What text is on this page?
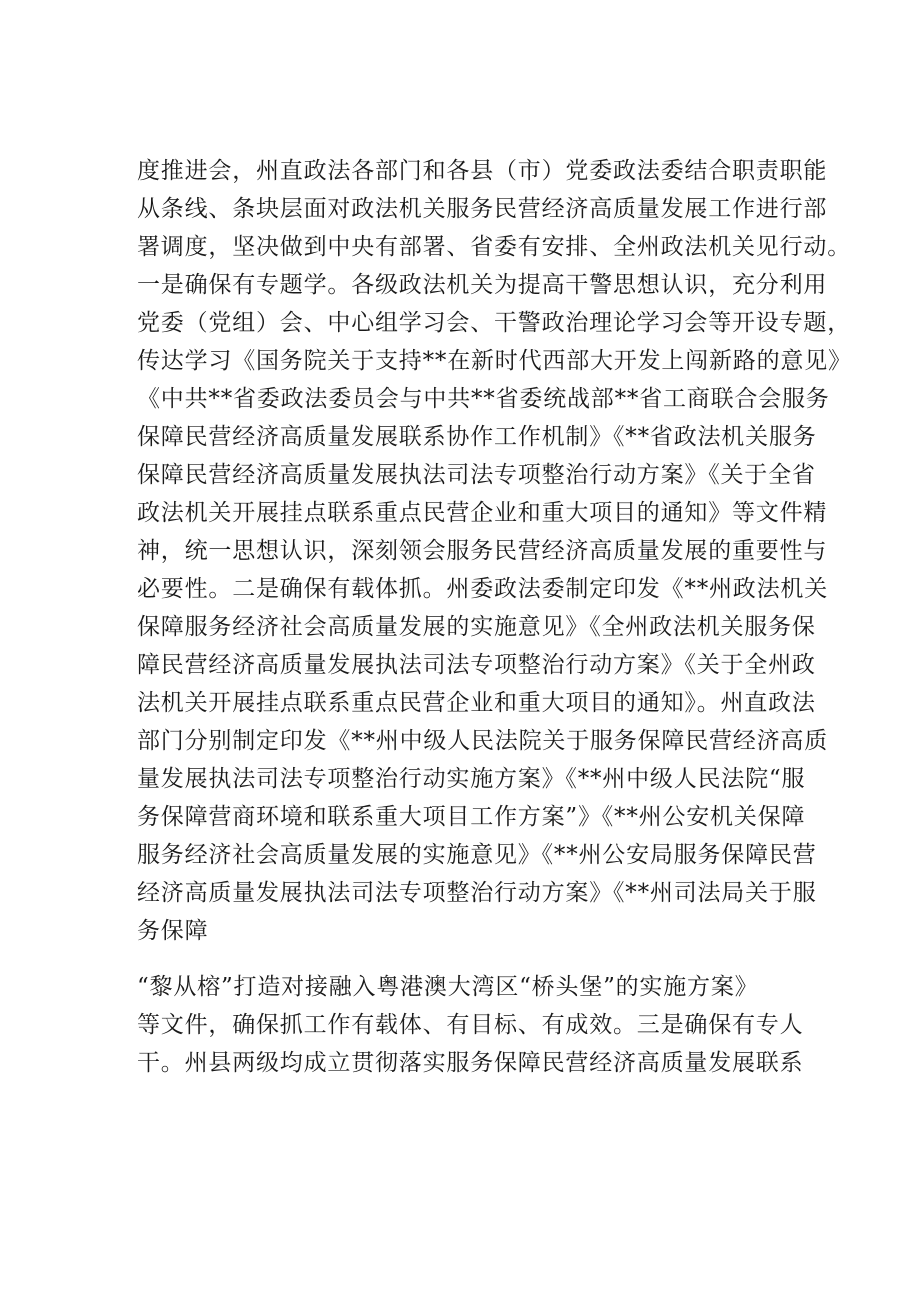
度推进会，州直政法各部门和各县（市）党委政法委结合职责职能

从条线、条块层面对政法机关服务民营经济高质量发展工作进行部

署调度，坚决做到中央有部署、省委有安排、全州政法机关见行动。

一是确保有专题学。各级政法机关为提高干警思想认识，充分利用

党委（党组）会、中心组学习会、干警政治理论学习会等开设专题，

传达学习《国务院关于支持**在新时代西部大开发上闯新路的意见》

《中共**省委政法委员会与中共**省委统战部**省工商联合会服务

保障民营经济高质量发展联系协作工作机制》《**省政法机关服务

保障民营经济高质量发展执法司法专项整治行动方案》《关于全省

政法机关开展挂点联系重点民营企业和重大项目的通知》等文件精

神，统一思想认识，深刻领会服务民营经济高质量发展的重要性与

必要性。二是确保有载体抓。州委政法委制定印发《**州政法机关

保障服务经济社会高质量发展的实施意见》《全州政法机关服务保

障民营经济高质量发展执法司法专项整治行动方案》《关于全州政

法机关开展挂点联系重点民营企业和重大项目的通知》。州直政法

部门分别制定印发《**州中级人民法院关于服务保障民营经济高质

量发展执法司法专项整治行动实施方案》《**州中级人民法院“服

务保障营商环境和联系重大项目工作方案”》《**州公安机关保障

服务经济社会高质量发展的实施意见》《**州公安局服务保障民营

经济高质量发展执法司法专项整治行动方案》《**州司法局关于服

务保障

“黎从榕”打造对接融入粤港澳大湾区“桥头堡”的实施方案》

等文件，确保抓工作有载体、有目标、有成效。三是确保有专人

干。州县两级均成立贯彻落实服务保障民营经济高质量发展联系
